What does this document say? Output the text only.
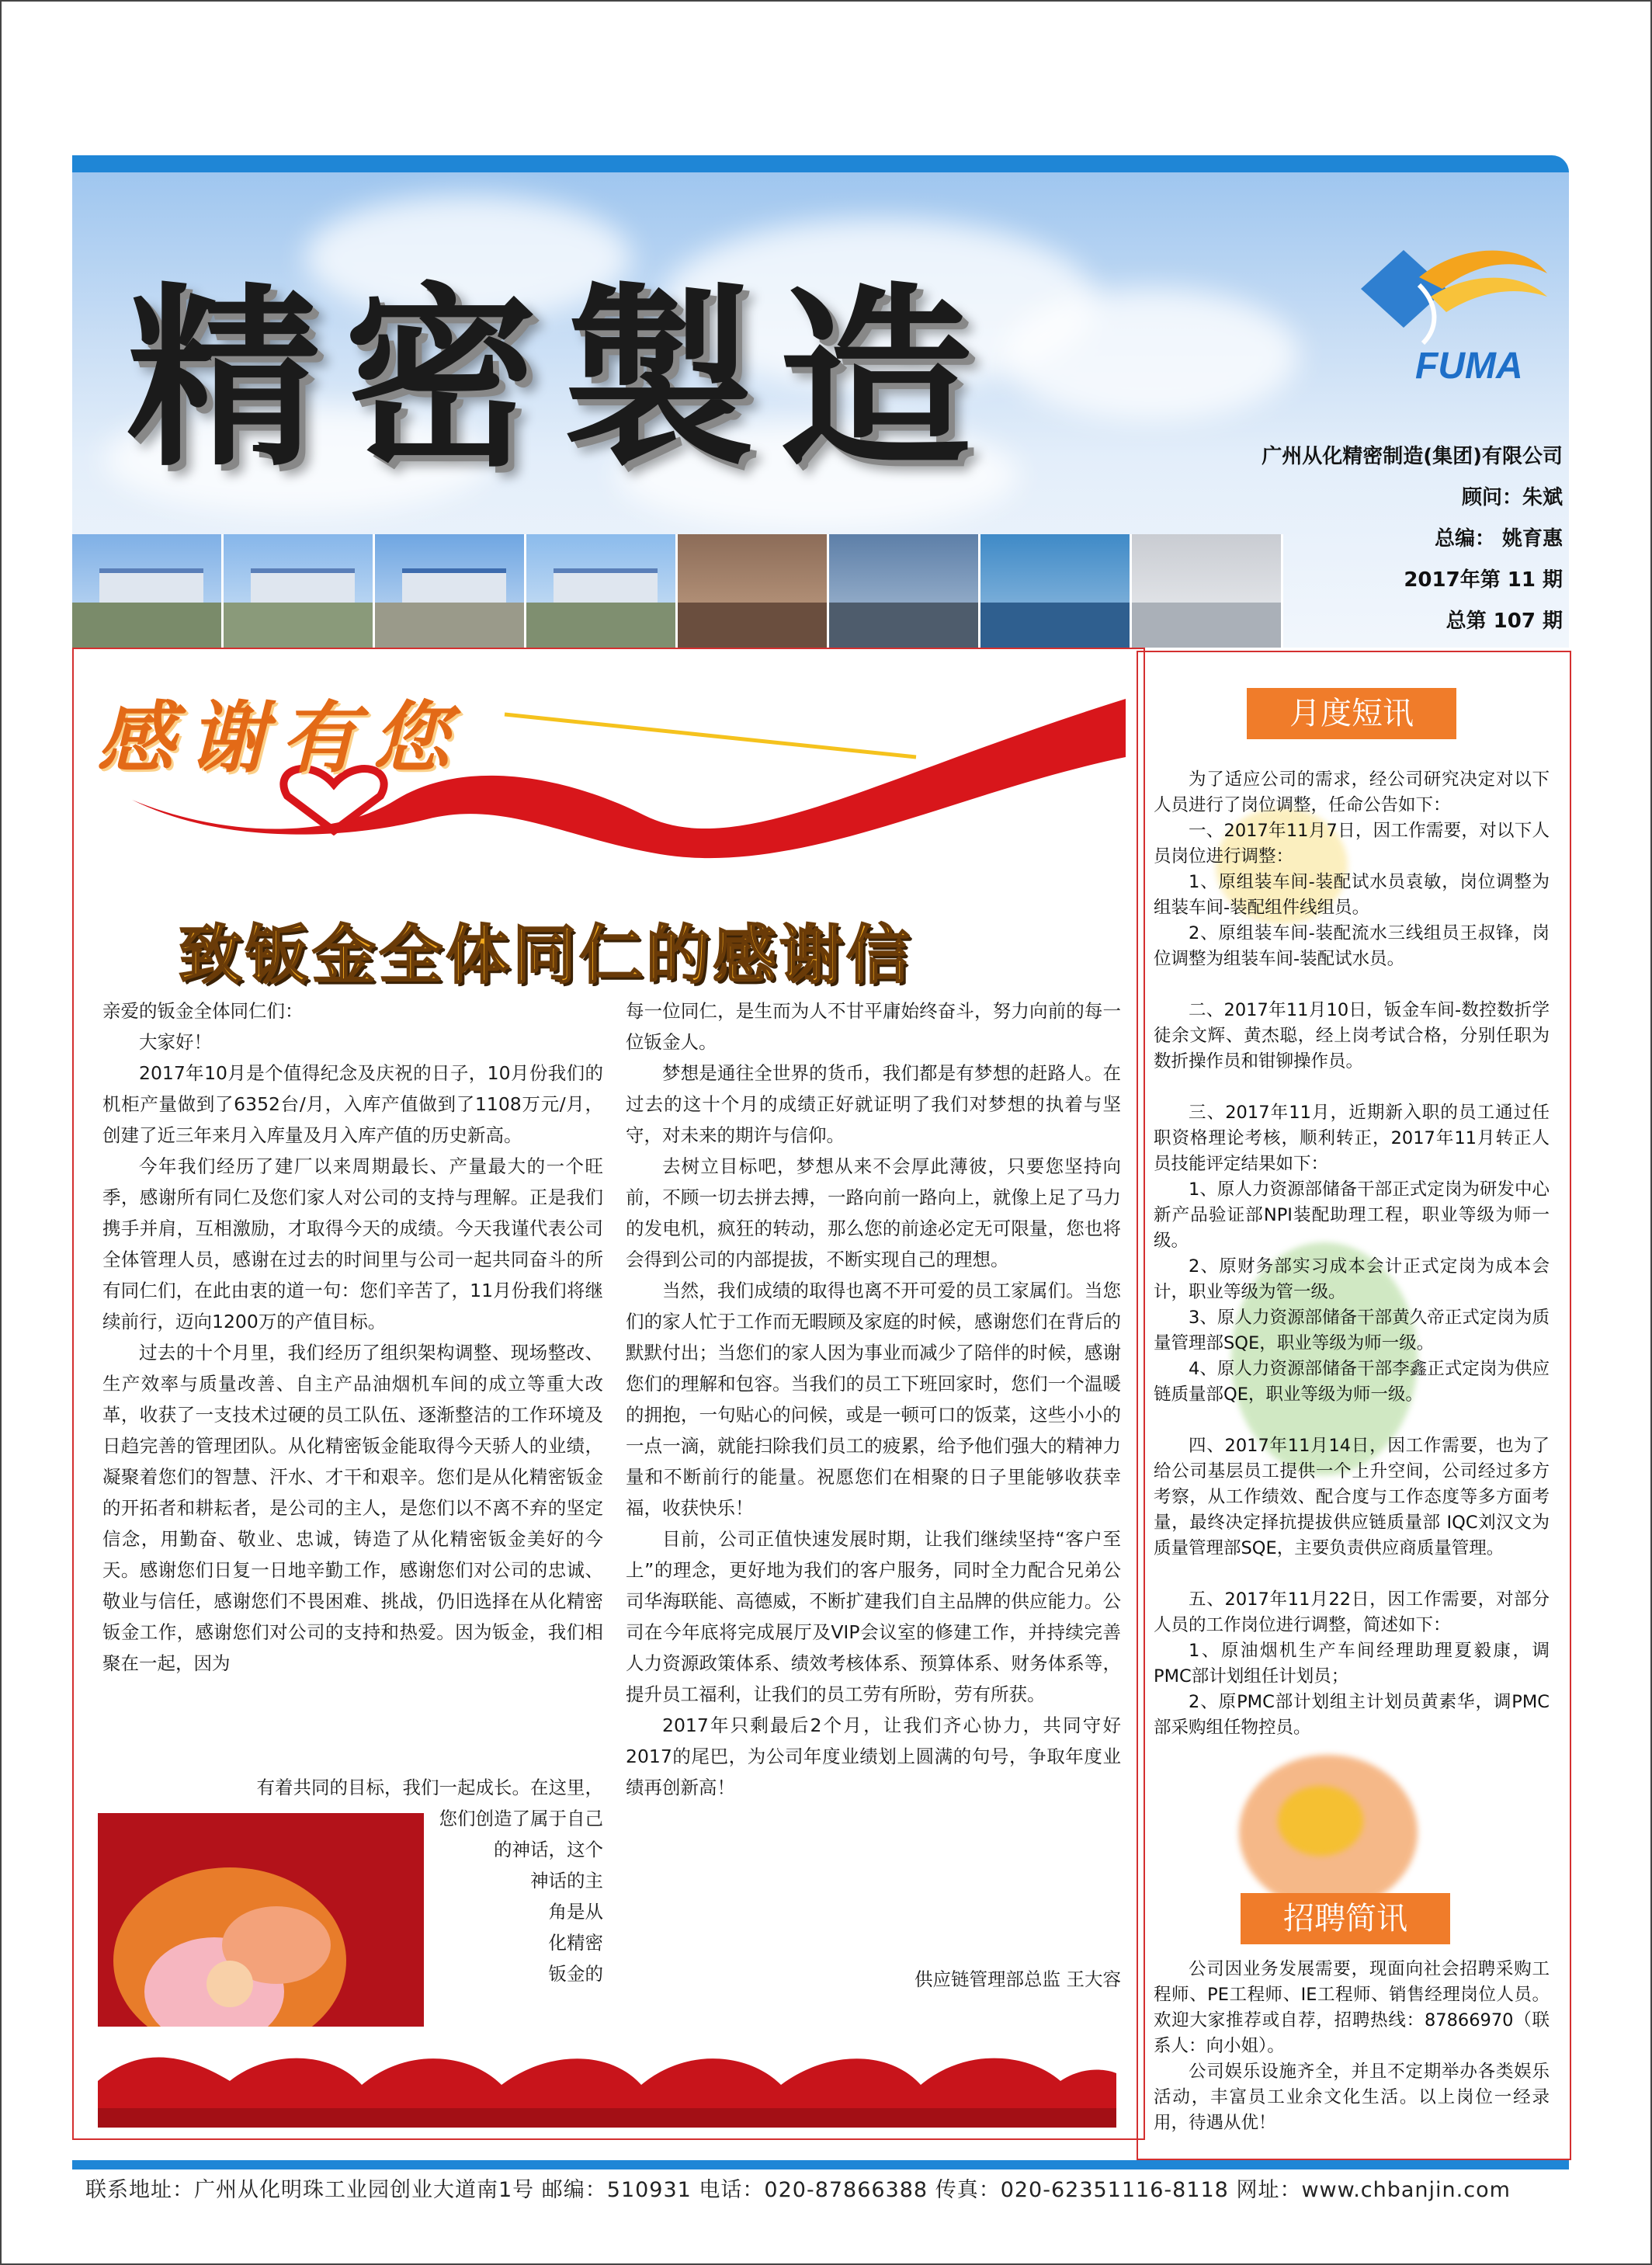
精密製造	FUMA
广州从化精密制造(集团)有限公司
顾问：朱斌
总编： 姚育惠
2017年第 11 期
总第 107 期
感谢有您
致钣金全体同仁的感谢信

亲爱的钣金全体同仁们：

大家好！

2017年10月是个值得纪念及庆祝的日子，10月份我们的机柜产量做到了6352台/月，入库产值做到了1108万元/月，创建了近三年来月入库量及月入库产值的历史新高。

今年我们经历了建厂以来周期最长、产量最大的一个旺季，感谢所有同仁及您们家人对公司的支持与理解。正是我们携手并肩，互相激励，才取得今天的成绩。今天我谨代表公司全体管理人员，感谢在过去的时间里与公司一起共同奋斗的所有同仁们，在此由衷的道一句：您们辛苦了，11月份我们将继续前行，迈向1200万的产值目标。

过去的十个月里，我们经历了组织架构调整、现场整改、生产效率与质量改善、自主产品油烟机车间的成立等重大改革，收获了一支技术过硬的员工队伍、逐渐整洁的工作环境及日趋完善的管理团队。从化精密钣金能取得今天骄人的业绩，凝聚着您们的智慧、汗水、才干和艰辛。您们是从化精密钣金的开拓者和耕耘者，是公司的主人，是您们以不离不弃的坚定信念，用勤奋、敬业、忠诚，铸造了从化精密钣金美好的今天。感谢您们日复一日地辛勤工作，感谢您们对公司的忠诚、敬业与信任，感谢您们不畏困难、挑战，仍旧选择在从化精密钣金工作，感谢您们对公司的支持和热爱。因为钣金，我们相聚在一起，因为

有着共同的目标，我们一起成长。在这里，
您们创造了属于自己
的神话，这个
神话的主
角是从
化精密
钣金的

每一位同仁，是生而为人不甘平庸始终奋斗，努力向前的每一位钣金人。

梦想是通往全世界的货币，我们都是有梦想的赶路人。在过去的这十个月的成绩正好就证明了我们对梦想的执着与坚守，对未来的期许与信仰。

去树立目标吧，梦想从来不会厚此薄彼，只要您坚持向前，不顾一切去拼去搏，一路向前一路向上，就像上足了马力的发电机，疯狂的转动，那么您的前途必定无可限量，您也将会得到公司的内部提拔，不断实现自己的理想。

当然，我们成绩的取得也离不开可爱的员工家属们。当您们的家人忙于工作而无暇顾及家庭的时候，感谢您们在背后的默默付出；当您们的家人因为事业而减少了陪伴的时候，感谢您们的理解和包容。当我们的员工下班回家时，您们一个温暖的拥抱，一句贴心的问候，或是一顿可口的饭菜，这些小小的一点一滴，就能扫除我们员工的疲累，给予他们强大的精神力量和不断前行的能量。祝愿您们在相聚的日子里能够收获幸福，收获快乐！

目前，公司正值快速发展时期，让我们继续坚持“客户至上”的理念，更好地为我们的客户服务，同时全力配合兄弟公司华海联能、高德威，不断扩建我们自主品牌的供应能力。公司在今年底将完成展厅及VIP会议室的修建工作，并持续完善人力资源政策体系、绩效考核体系、预算体系、财务体系等，提升员工福利，让我们的员工劳有所盼，劳有所获。

2017年只剩最后2个月，让我们齐心协力，共同守好2017的尾巴，为公司年度业绩划上圆满的句号，争取年度业绩再创新高！

供应链管理部总监 王大容
月度短讯

为了适应公司的需求，经公司研究决定对以下人员进行了岗位调整，任命公告如下：

一、2017年11月7日，因工作需要，对以下人员岗位进行调整：

1、原组装车间-装配试水员袁敏，岗位调整为组装车间-装配组件线组员。

2、原组装车间-装配流水三线组员王叔锋，岗位调整为组装车间-装配试水员。

二、2017年11月10日，钣金车间-数控数折学徒余文辉、黄杰聪，经上岗考试合格，分别任职为数折操作员和钳铆操作员。

三、2017年11月，近期新入职的员工通过任职资格理论考核，顺利转正，2017年11月转正人员技能评定结果如下：

1、原人力资源部储备干部正式定岗为研发中心新产品验证部NPI装配助理工程，职业等级为师一级。

2、原财务部实习成本会计正式定岗为成本会计，职业等级为管一级。

3、原人力资源部储备干部黄久帝正式定岗为质量管理部SQE，职业等级为师一级。

4、原人力资源部储备干部李鑫正式定岗为供应链质量部QE，职业等级为师一级。

四、2017年11月14日，因工作需要，也为了给公司基层员工提供一个上升空间，公司经过多方考察，从工作绩效、配合度与工作态度等多方面考量，最终决定择抗提拔供应链质量部 IQC刘汉文为质量管理部SQE，主要负责供应商质量管理。

五、2017年11月22日，因工作需要，对部分人员的工作岗位进行调整，简述如下：

1、原油烟机生产车间经理助理夏毅康，调PMC部计划组任计划员；

2、原PMC部计划组主计划员黄素华，调PMC部采购组任物控员。

招聘简讯

公司因业务发展需要，现面向社会招聘采购工程师、PE工程师、IE工程师、销售经理岗位人员。欢迎大家推荐或自荐，招聘热线：87866970（联系人：向小姐）。

公司娱乐设施齐全，并且不定期举办各类娱乐活动，丰富员工业余文化生活。以上岗位一经录用，待遇从优！

联系地址：广州从化明珠工业园创业大道南1号 邮编：510931 电话：020-87866388 传真：020-62351116-8118 网址：www.chbanjin.com
